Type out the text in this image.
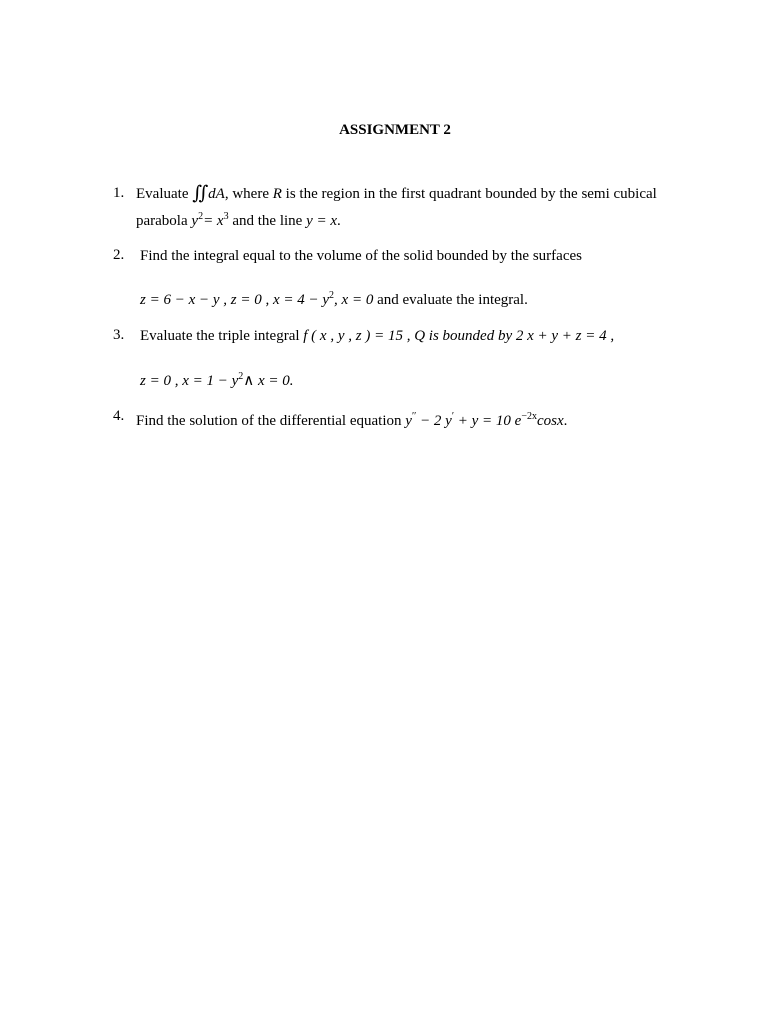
ASSIGNMENT 2
1. Evaluate ∬ dA, where R is the region in the first quadrant bounded by the semi cubical
parabola $y^2= x^3$ and the line y = x.
2. Find the integral equal to the volume of the solid bounded by the surfaces
z = 6 − x − y , z = 0 , $x = 4 - y^2$, x = 0 and evaluate the integral.
3. Evaluate the triple integral f ( x , y , z ) = 15 , Q is bounded by 2 x + y + z = 4 ,
z = 0 , $x = 1 - y^2\wedge$ x = 0.
4. Find the solution of the differential equation y′′ − 2 y′ + y = 10 $e^{-2x}\cos x$.
